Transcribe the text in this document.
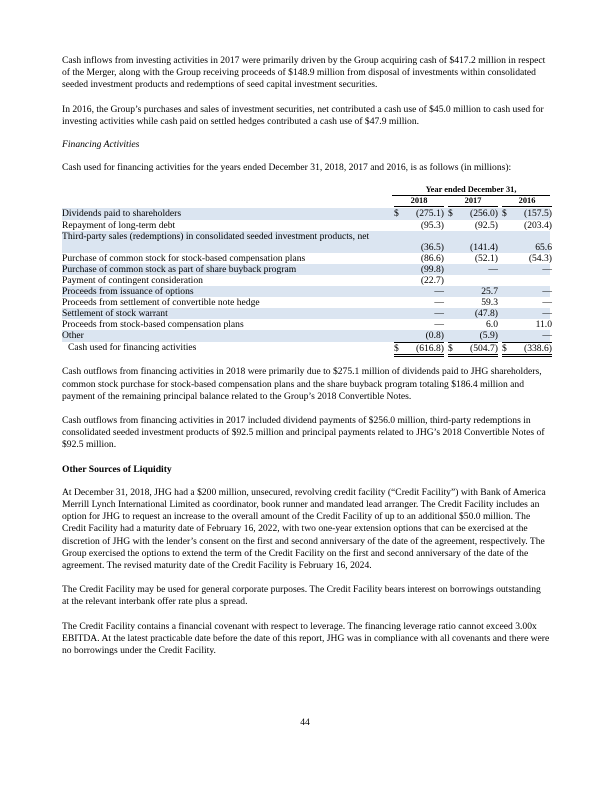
Cash inflows from investing activities in 2017 were primarily driven by the Group acquiring cash of $417.2 million in respect of the Merger, along with the Group receiving proceeds of $148.9 million from disposal of investments within consolidated seeded investment products and redemptions of seed capital investment securities.

In 2016, the Group’s purchases and sales of investment securities, net contributed a cash use of $45.0 million to cash used for investing activities while cash paid on settled hedges contributed a cash use of $47.9 million.

Financing Activities

Cash used for financing activities for the years ended December 31, 2018, 2017 and 2016, is as follows (in millions):

Year ended December 31,
2018	2017	2016
Dividends paid to shareholders	$ (275.1) $ (256.0) $ (157.5)
Repayment of long-term debt	(95.3)	(92.5)	(203.4)
Third-party sales (redemptions) in consolidated seeded investment products, net
(36.5)	(141.4)	65.6
Purchase of common stock for stock-based compensation plans	(86.6)	(52.1)	(54.3)
Purchase of common stock as part of share buyback program	(99.8)	—	—
Payment of contingent consideration	(22.7)
Proceeds from issuance of options	—	25.7	—
Proceeds from settlement of convertible note hedge	—	59.3	—
Settlement of stock warrant	—	(47.8)	—
Proceeds from stock-based compensation plans	—	6.0	11.0
Other	(0.8)	(5.9)	—
Cash used for financing activities	$ (616.8) $ (504.7) $ (338.6)

Cash outflows from financing activities in 2018 were primarily due to $275.1 million of dividends paid to JHG shareholders, common stock purchase for stock-based compensation plans and the share buyback program totaling $186.4 million and payment of the remaining principal balance related to the Group’s 2018 Convertible Notes.

Cash outflows from financing activities in 2017 included dividend payments of $256.0 million, third-party redemptions in consolidated seeded investment products of $92.5 million and principal payments related to JHG’s 2018 Convertible Notes of $92.5 million.

Other Sources of Liquidity

At December 31, 2018, JHG had a $200 million, unsecured, revolving credit facility (“Credit Facility”) with Bank of America Merrill Lynch International Limited as coordinator, book runner and mandated lead arranger. The Credit Facility includes an option for JHG to request an increase to the overall amount of the Credit Facility of up to an additional $50.0 million. The Credit Facility had a maturity date of February 16, 2022, with two one-year extension options that can be exercised at the discretion of JHG with the lender’s consent on the first and second anniversary of the date of the agreement, respectively. The Group exercised the options to extend the term of the Credit Facility on the first and second anniversary of the date of the agreement. The revised maturity date of the Credit Facility is February 16, 2024.

The Credit Facility may be used for general corporate purposes. The Credit Facility bears interest on borrowings outstanding at the relevant interbank offer rate plus a spread.

The Credit Facility contains a financial covenant with respect to leverage. The financing leverage ratio cannot exceed 3.00x EBITDA. At the latest practicable date before the date of this report, JHG was in compliance with all covenants and there were no borrowings under the Credit Facility.

44
